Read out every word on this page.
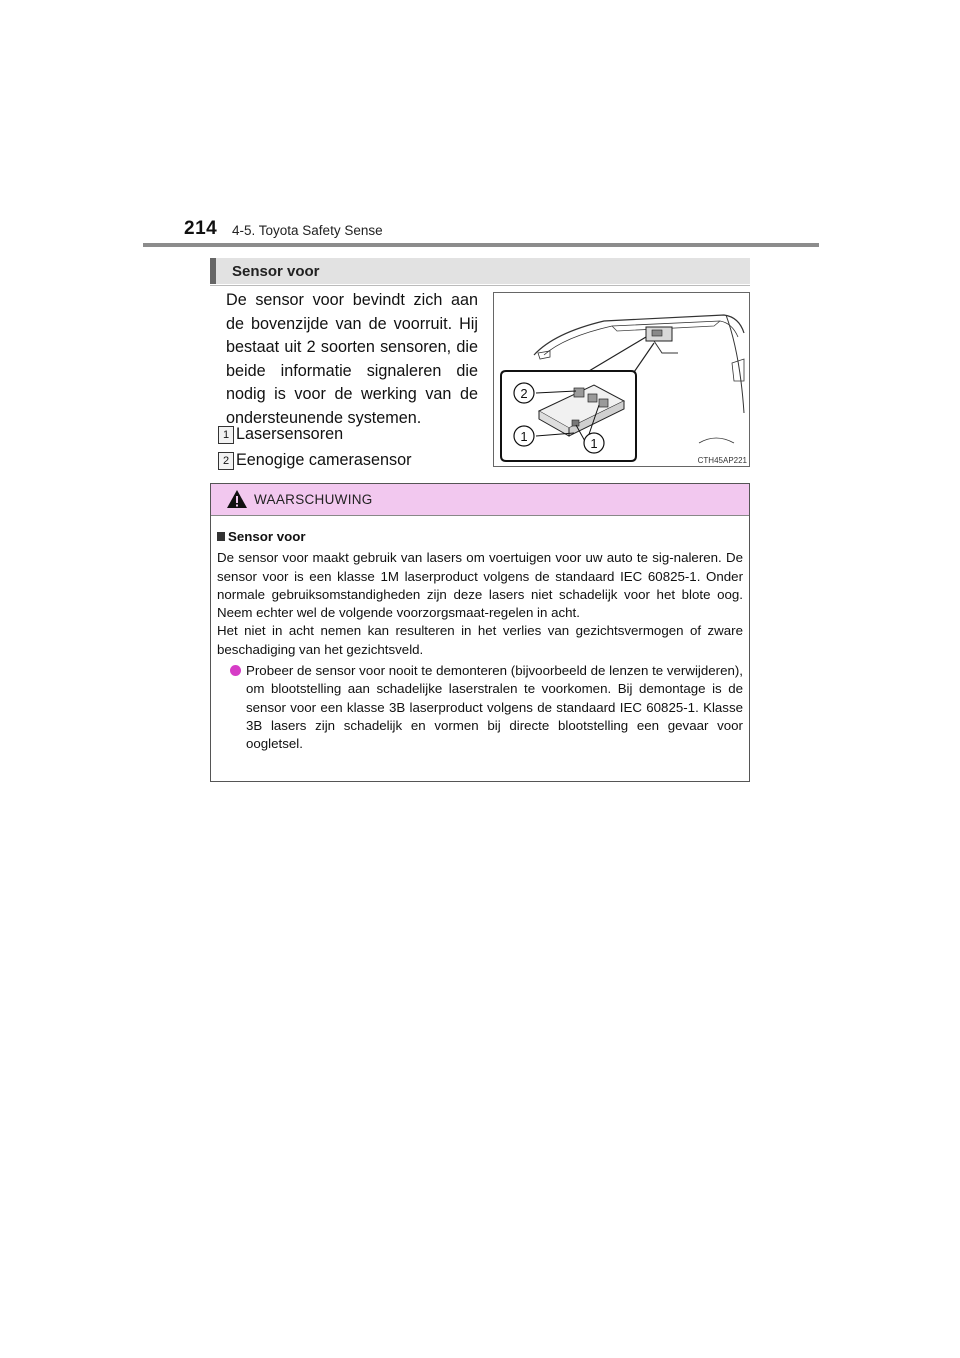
214 4-5. Toyota Safety Sense
Sensor voor
De sensor voor bevindt zich aan de bovenzijde van de voorruit. Hij bestaat uit 2 soorten sensoren, die beide informatie signaleren die nodig is voor de werking van de ondersteunende systemen.
1 Lasersensoren
2 Eenogige camerasensor
2
1	1
CTH45AP221
WAARSCHUWING
Sensor voor
De sensor voor maakt gebruik van lasers om voertuigen voor uw auto te sig-naleren. De sensor voor is een klasse 1M laserproduct volgens de standaard IEC 60825-1. Onder normale gebruiksomstandigheden zijn deze lasers niet schadelijk voor het blote oog. Neem echter wel de volgende voorzorgsmaat-regelen in acht.
Het niet in acht nemen kan resulteren in het verlies van gezichtsvermogen of zware beschadiging van het gezichtsveld.
Probeer de sensor voor nooit te demonteren (bijvoorbeeld de lenzen te verwijderen), om blootstelling aan schadelijke laserstralen te voorkomen. Bij demontage is de sensor voor een klasse 3B laserproduct volgens de standaard IEC 60825-1. Klasse 3B lasers zijn schadelijk en vormen bij directe blootstelling een gevaar voor oogletsel.
